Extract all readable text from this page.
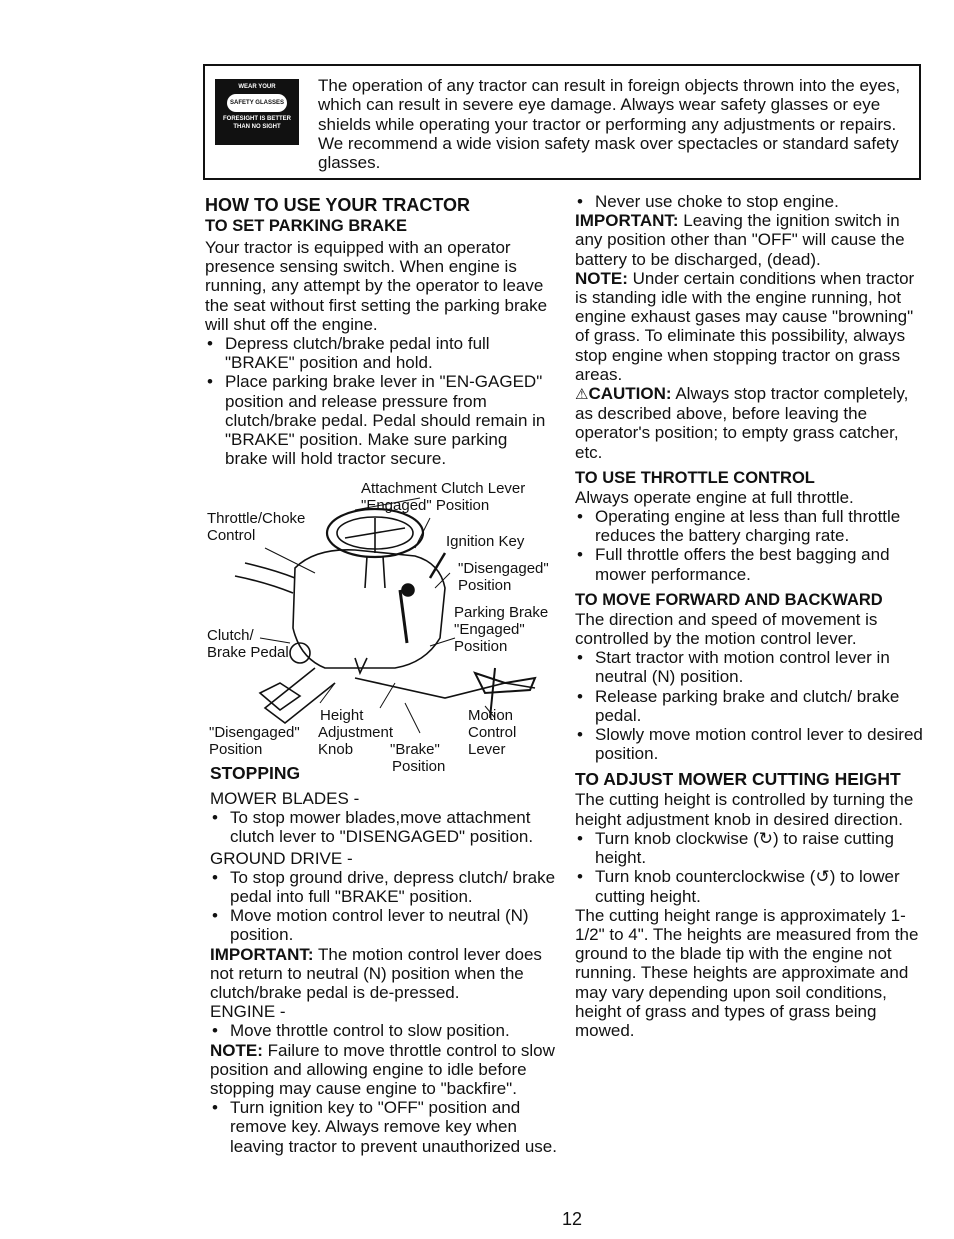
WEAR YOUR
SAFETY GLASSES
FORESIGHT IS BETTER
THAN NO SIGHT
The operation of any tractor can result in foreign objects thrown into the eyes, which can result in severe eye damage. Always wear safety glasses or eye shields while operating your tractor or performing any adjustments or repairs. We recommend a wide vision safety mask over spectacles or standard safety glasses.

HOW TO USE YOUR TRACTOR

TO SET PARKING BRAKE

Your tractor is equipped with an operator presence sensing switch. When engine is running, any attempt by the operator to leave the seat without first setting the parking brake will shut off the engine.

• Depress clutch/brake pedal into full "BRAKE" position and hold.

• Place parking brake lever in "EN-GAGED" position and release pressure from clutch/brake pedal. Pedal should remain in "BRAKE" position. Make sure parking brake will hold tractor secure.

Attachment Clutch Lever
"Engaged" Position
Throttle/Choke
Control	Ignition Key
"Disengaged"
Position
Parking Brake
"Engaged"
Position
Clutch/
Brake Pedal
Height
"Disengaged" Adjustment
Position	Knob "Brake"
Position
Motion
Control
Lever

STOPPING

MOWER BLADES -

• To stop mower blades,move attachment clutch lever to "DISENGAGED" position.

GROUND DRIVE -

• To stop ground drive, depress clutch/ brake pedal into full "BRAKE" position.

• Move motion control lever to neutral (N) position.

IMPORTANT: The motion control lever does not return to neutral (N) position when the clutch/brake pedal is de-pressed.

ENGINE -

• Move throttle control to slow position.

NOTE: Failure to move throttle control to slow position and allowing engine to idle before stopping may cause engine to "backfire".

• Turn ignition key to "OFF" position and remove key. Always remove key when leaving tractor to prevent unauthorized use.

• Never use choke to stop engine.

IMPORTANT: Leaving the ignition switch in any position other than "OFF" will cause the battery to be discharged, (dead).

NOTE: Under certain conditions when tractor is standing idle with the engine running, hot engine exhaust gases may cause "browning" of grass. To eliminate this possibility, always stop engine when stopping tractor on grass areas.

⚠CAUTION: Always stop tractor completely, as described above, before leaving the operator's position; to empty grass catcher, etc.

TO USE THROTTLE CONTROL

Always operate engine at full throttle.

• Operating engine at less than full throttle reduces the battery charging rate.

• Full throttle offers the best bagging and mower performance.

TO MOVE FORWARD AND BACKWARD

The direction and speed of movement is controlled by the motion control lever.

• Start tractor with motion control lever in neutral (N) position.

• Release parking brake and clutch/ brake pedal.

• Slowly move motion control lever to desired position.

TO ADJUST MOWER CUTTING HEIGHT

The cutting height is controlled by turning the height adjustment knob in desired direction.

• Turn knob clockwise (↻) to raise cutting height.

• Turn knob counterclockwise (↺) to lower cutting height.

The cutting height range is approximately 1-1/2" to 4". The heights are measured from the ground to the blade tip with the engine not running. These heights are approximate and may vary depending upon soil conditions, height of grass and types of grass being mowed.

12
